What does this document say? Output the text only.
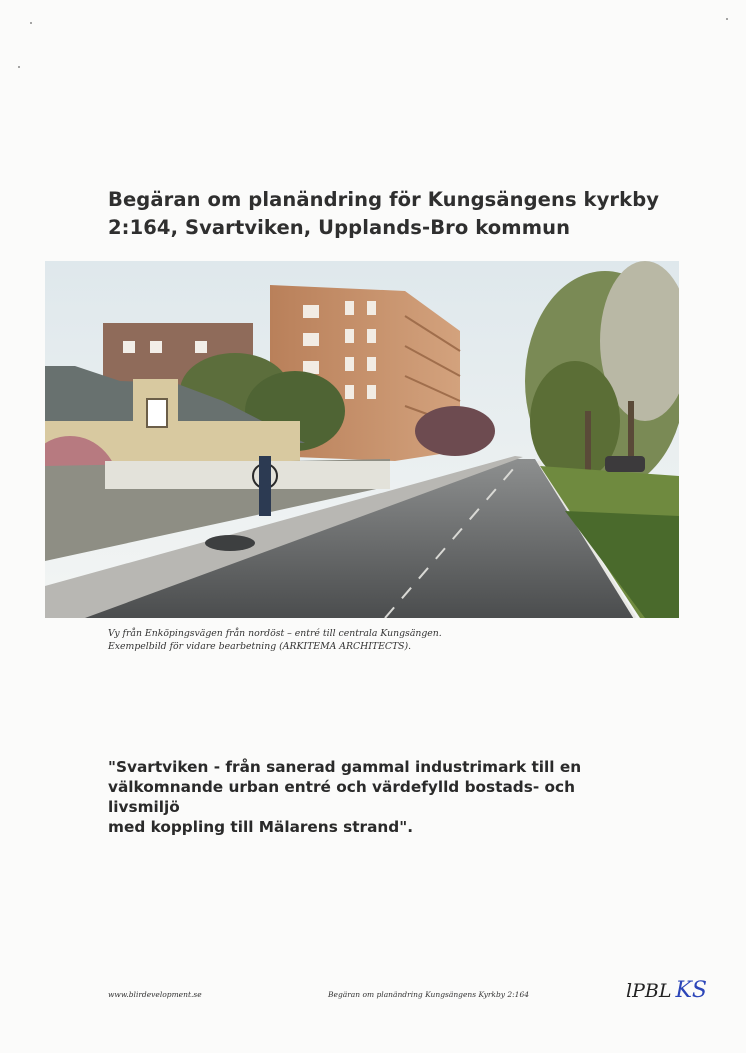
Begäran om planändring för Kungsängens kyrkby
2:164, Svartviken, Upplands-Bro kommun
Vy från Enköpingsvägen från nordöst – entré till centrala Kungsängen.
Exempelbild för vidare bearbetning (ARKITEMA ARCHITECTS).
"Svartviken - från sanerad gammal industrimark till en
välkomnande urban entré och värdefylld bostads- och livsmiljö
med koppling till Mälarens strand".
www.blirdevelopment.se	Begäran om planändring Kungsängens Kyrkby 2:164	lPBL KS
